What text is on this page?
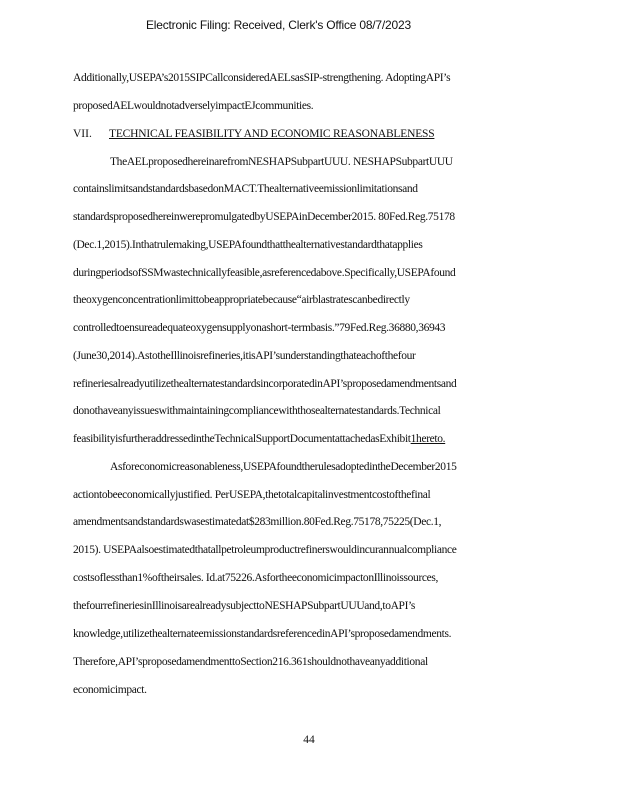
Electronic Filing: Received, Clerk's Office 08/7/2023
Additionally,USEPA’s2015SIPCallconsideredAELsasSIP-strengthening. AdoptingAPI’s
proposedAELwouldnotadverselyimpactEJcommunities.
VII. TECHNICAL FEASIBILITY AND ECONOMIC REASONABLENESS
TheAELproposedhereinarefromNESHAPSubpartUUU. NESHAPSubpartUUU
containslimitsandstandardsbasedonMACT.Thealternativeemissionlimitationsand
standardsproposedhereinwerepromulgatedbyUSEPAinDecember2015. 80Fed.Reg.75178
(Dec.1,2015).Inthatrulemaking,USEPAfoundthatthealternativestandardthatapplies
duringperiodsofSSMwastechnicallyfeasible,asreferencedabove.Specifically,USEPAfound
theoxygenconcentrationlimittobeappropriatebecause“airblastratescanbedirectly
controlledtoensureadequateoxygensupplyonashort-termbasis.”79Fed.Reg.36880,36943
(June30,2014).AstotheIllinoisrefineries,itisAPI’sunderstandingthateachofthefour
refineriesalreadyutilizethealternatestandardsincorporatedinAPI’sproposedamendmentsand
donothaveanyissueswithmaintainingcompliancewiththosealternatestandards.Technical
feasibilityisfurtheraddressedintheTechnicalSupportDocumentattachedasExhibit1hereto.
Asforeconomicreasonableness,USEPAfoundtherulesadoptedintheDecember2015
actiontobeeconomicallyjustified. PerUSEPA,thetotalcapitalinvestmentcostofthefinal
amendmentsandstandardswasestimatedat$283million.80Fed.Reg.75178,75225(Dec.1,
2015). USEPAalsoestimatedthatallpetroleumproductrefinerswouldincurannualcompliance
costsoflessthan1%oftheirsales. Id.at75226.AsfortheeconomicimpactonIllinoissources,
thefourrefineriesinIllinoisarealreadysubjecttoNESHAPSubpartUUUand,toAPI’s
knowledge,utilizethealternateemissionstandardsreferencedinAPI’sproposedamendments.
Therefore,API’sproposedamendmenttoSection216.361shouldnothaveanyadditional
economicimpact.
44
